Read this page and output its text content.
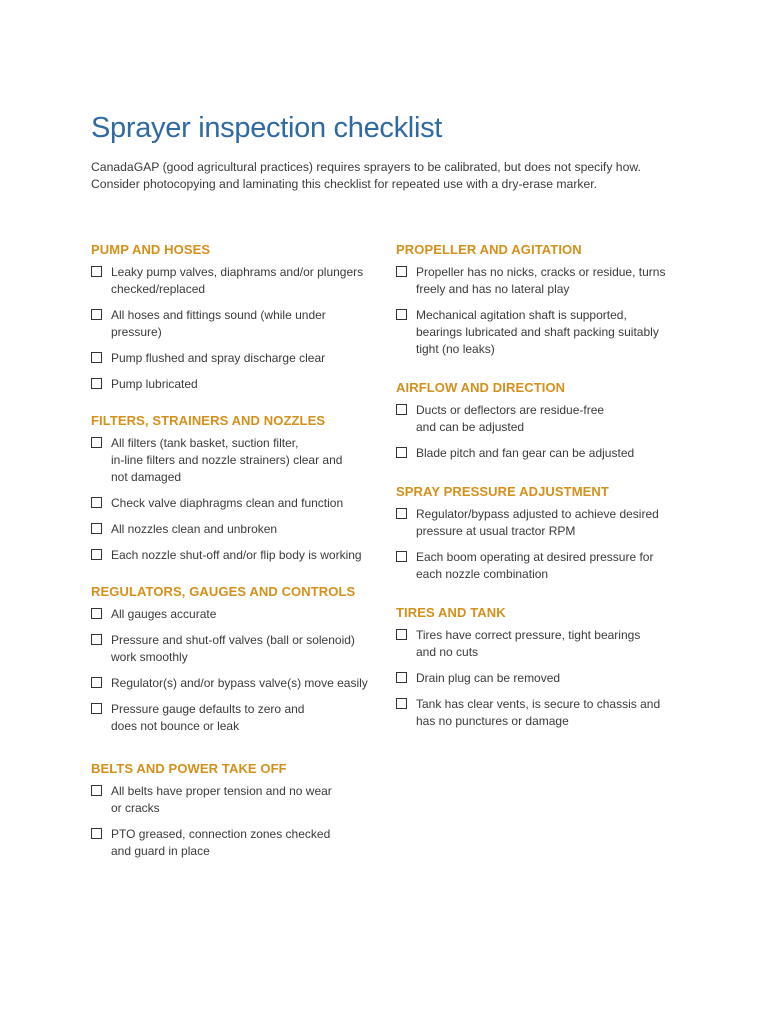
Sprayer inspection checklist

CanadaGAP (good agricultural practices) requires sprayers to be calibrated, but does not specify how.
Consider photocopying and laminating this checklist for repeated use with a dry-erase marker.

PUMP AND HOSES
Leaky pump valves, diaphrams and/or plungers
checked/replaced
All hoses and fittings sound (while under
pressure)
Pump flushed and spray discharge clear
Pump lubricated
FILTERS, STRAINERS AND NOZZLES
All filters (tank basket, suction filter,
in-line filters and nozzle strainers) clear and
not damaged
Check valve diaphragms clean and function
All nozzles clean and unbroken
Each nozzle shut-off and/or flip body is working
REGULATORS, GAUGES AND CONTROLS
All gauges accurate
Pressure and shut-off valves (ball or solenoid)
work smoothly
Regulator(s) and/or bypass valve(s) move easily
Pressure gauge defaults to zero and
does not bounce or leak
BELTS AND POWER TAKE OFF
All belts have proper tension and no wear
or cracks
PTO greased, connection zones checked
and guard in place
PROPELLER AND AGITATION
Propeller has no nicks, cracks or residue, turns
freely and has no lateral play
Mechanical agitation shaft is supported,
bearings lubricated and shaft packing suitably
tight (no leaks)
AIRFLOW AND DIRECTION
Ducts or deflectors are residue-free
and can be adjusted
Blade pitch and fan gear can be adjusted
SPRAY PRESSURE ADJUSTMENT
Regulator/bypass adjusted to achieve desired
pressure at usual tractor RPM
Each boom operating at desired pressure for
each nozzle combination
TIRES AND TANK
Tires have correct pressure, tight bearings
and no cuts
Drain plug can be removed
Tank has clear vents, is secure to chassis and
has no punctures or damage
